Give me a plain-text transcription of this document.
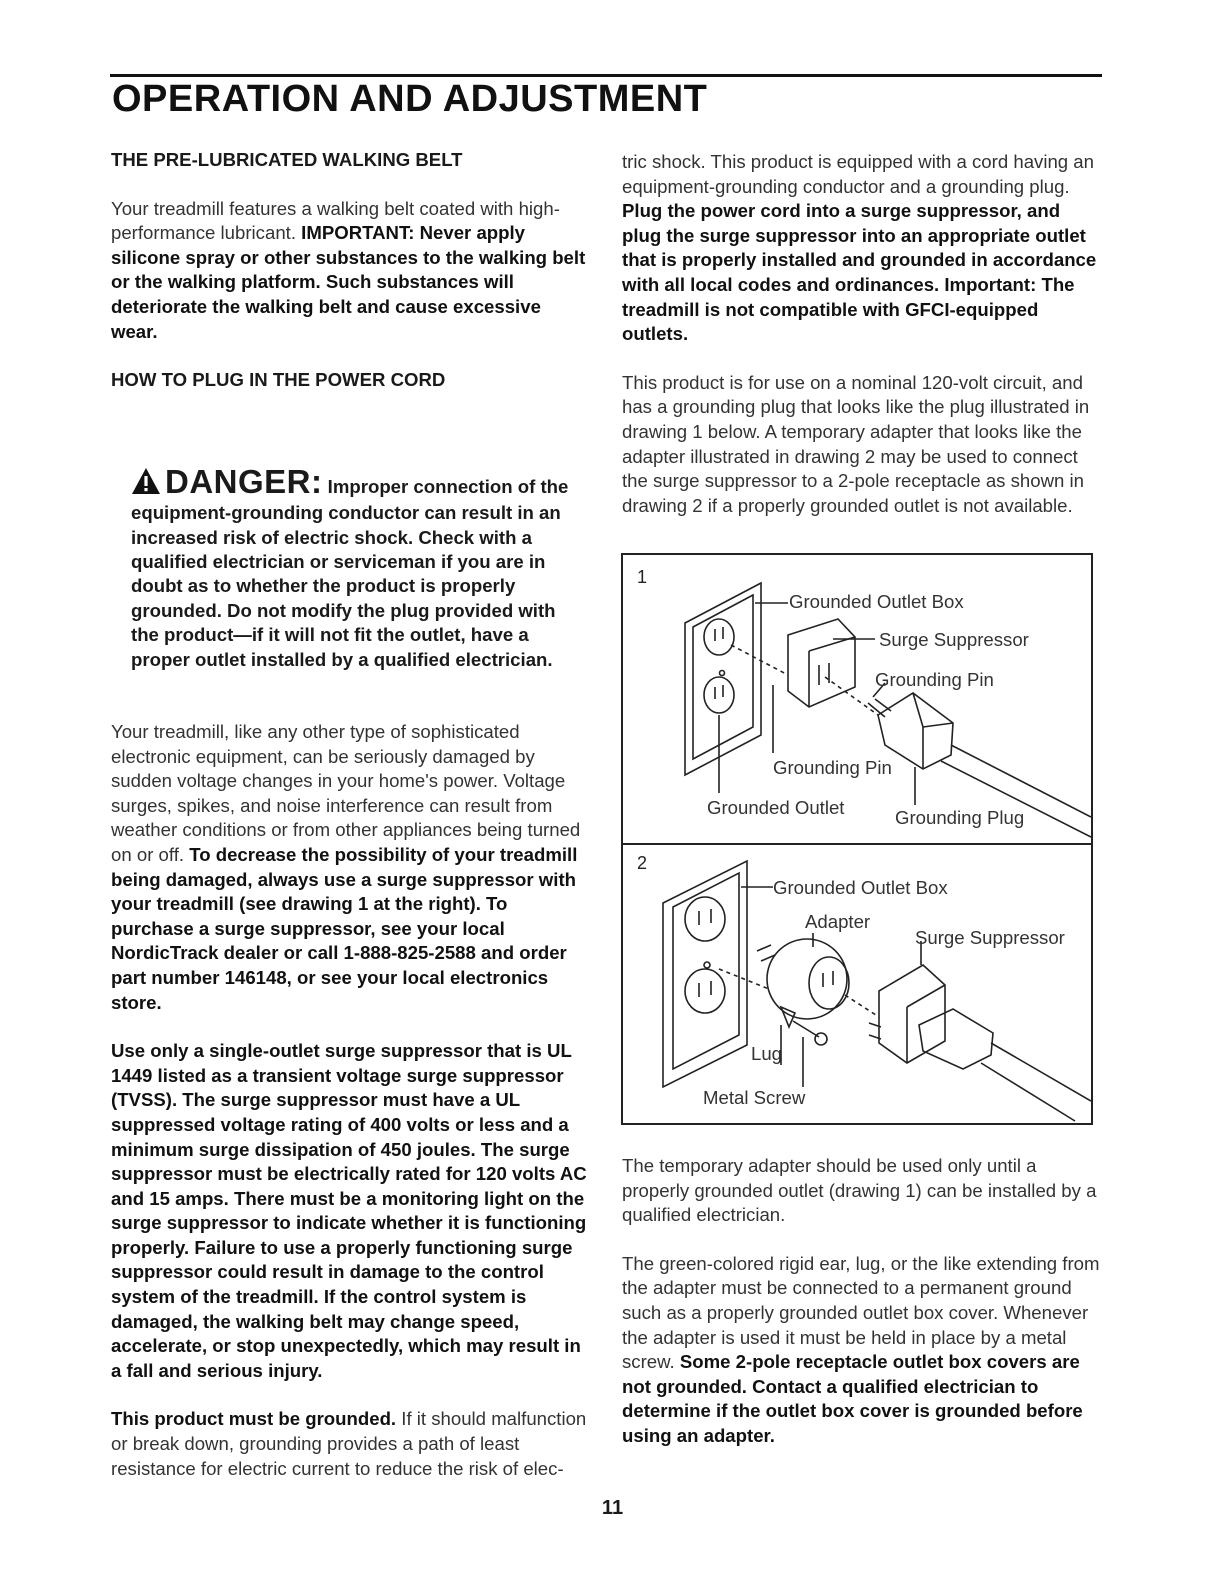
OPERATION AND ADJUSTMENT

THE PRE-LUBRICATED WALKING BELT

Your treadmill features a walking belt coated with high-performance lubricant. IMPORTANT: Never apply silicone spray or other substances to the walking belt or the walking platform. Such substances will deteriorate the walking belt and cause excessive wear.

HOW TO PLUG IN THE POWER CORD

DANGER: Improper connection of the equipment-grounding conductor can result in an increased risk of electric shock. Check with a qualified electrician or serviceman if you are in doubt as to whether the product is properly grounded. Do not modify the plug provided with the product—if it will not fit the outlet, have a proper outlet installed by a qualified electrician.

Your treadmill, like any other type of sophisticated electronic equipment, can be seriously damaged by sudden voltage changes in your home's power. Voltage surges, spikes, and noise interference can result from weather conditions or from other appliances being turned on or off. To decrease the possibility of your treadmill being damaged, always use a surge suppressor with your treadmill (see drawing 1 at the right). To purchase a surge suppressor, see your local NordicTrack dealer or call 1-888-825-2588 and order part number 146148, or see your local electronics store.

Use only a single-outlet surge suppressor that is UL 1449 listed as a transient voltage surge suppressor (TVSS). The surge suppressor must have a UL suppressed voltage rating of 400 volts or less and a minimum surge dissipation of 450 joules. The surge suppressor must be electrically rated for 120 volts AC and 15 amps. There must be a monitoring light on the surge suppressor to indicate whether it is functioning properly. Failure to use a properly functioning surge suppressor could result in damage to the control system of the treadmill. If the control system is damaged, the walking belt may change speed, accelerate, or stop unexpectedly, which may result in a fall and serious injury.

This product must be grounded. If it should malfunction or break down, grounding provides a path of least resistance for electric current to reduce the risk of elec-

tric shock. This product is equipped with a cord having an equipment-grounding conductor and a grounding plug. Plug the power cord into a surge suppressor, and plug the surge suppressor into an appropriate outlet that is properly installed and grounded in accordance with all local codes and ordinances. Important: The treadmill is not compatible with GFCI-equipped outlets.

This product is for use on a nominal 120-volt circuit, and has a grounding plug that looks like the plug illustrated in drawing 1 below. A temporary adapter that looks like the adapter illustrated in drawing 2 may be used to connect the surge suppressor to a 2-pole receptacle as shown in drawing 2 if a properly grounded outlet is not available.

1
Grounded Outlet Box
Surge Suppressor
Grounding Pin
Grounding Pin
Grounded Outlet	Grounding Plug
2
Grounded Outlet Box
Adapter
Surge Suppressor
Lug
Metal Screw

The temporary adapter should be used only until a properly grounded outlet (drawing 1) can be installed by a qualified electrician.

The green-colored rigid ear, lug, or the like extending from the adapter must be connected to a permanent ground such as a properly grounded outlet box cover. Whenever the adapter is used it must be held in place by a metal screw. Some 2-pole receptacle outlet box covers are not grounded. Contact a qualified electrician to determine if the outlet box cover is grounded before using an adapter.

11
